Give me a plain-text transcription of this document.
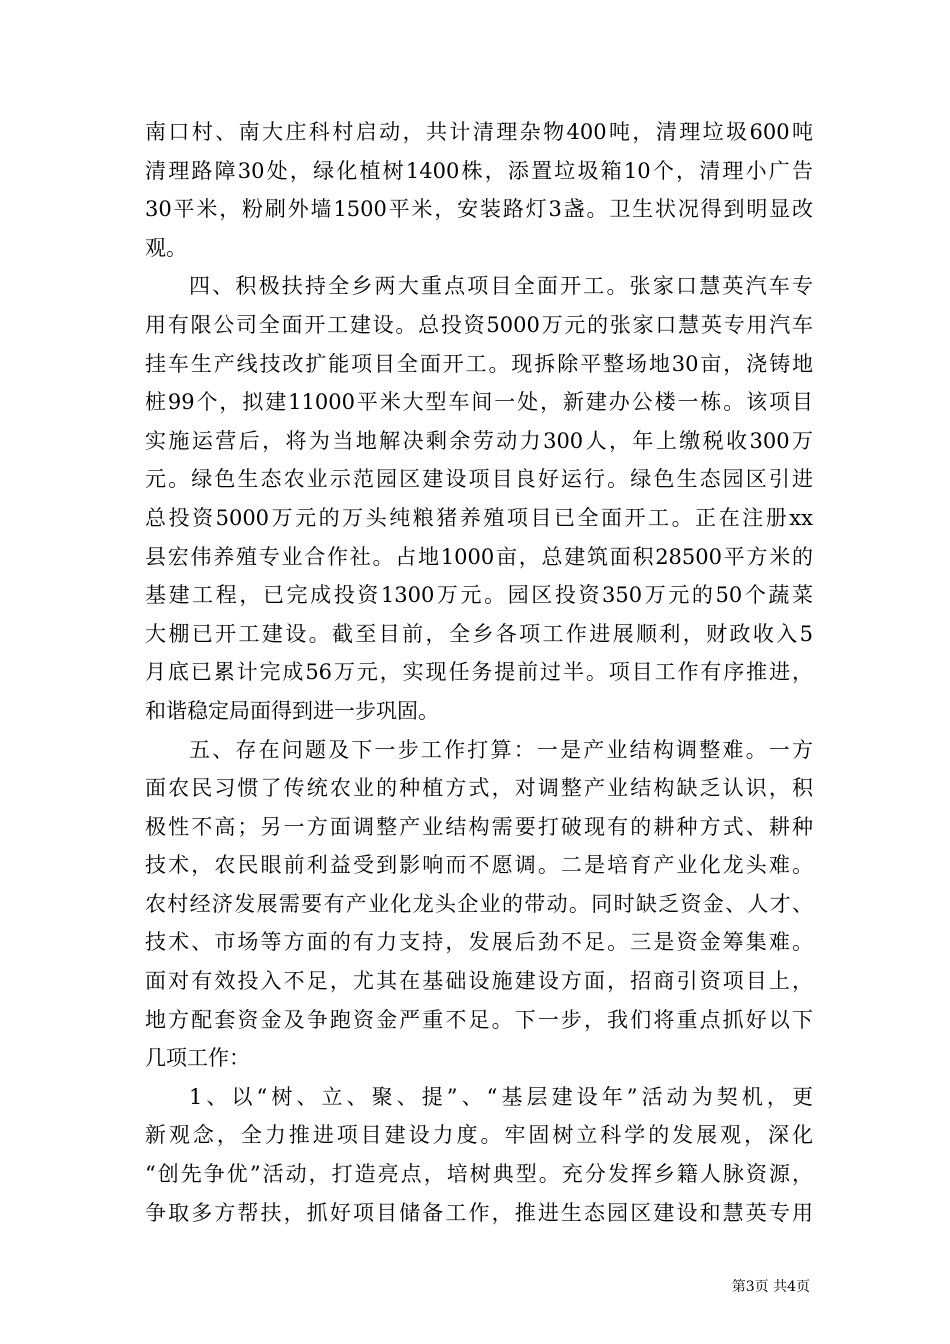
南口村、南大庄科村启动，共计清理杂物400吨，清理垃圾600吨
清理路障30处，绿化植树1400株，添置垃圾箱10个，清理小广告
30平米，粉刷外墙1500平米，安装路灯3盏。卫生状况得到明显改
观。
四、积极扶持全乡两大重点项目全面开工。张家口慧英汽车专
用有限公司全面开工建设。总投资5000万元的张家口慧英专用汽车
挂车生产线技改扩能项目全面开工。现拆除平整场地30亩，浇铸地
桩99个，拟建11000平米大型车间一处，新建办公楼一栋。该项目
实施运营后，将为当地解决剩余劳动力300人，年上缴税收300万
元。绿色生态农业示范园区建设项目良好运行。绿色生态园区引进
总投资5000万元的万头纯粮猪养殖项目已全面开工。正在注册xx
县宏伟养殖专业合作社。占地1000亩，总建筑面积28500平方米的
基建工程，已完成投资1300万元。园区投资350万元的50个蔬菜
大棚已开工建设。截至目前，全乡各项工作进展顺利，财政收入5
月底已累计完成56万元，实现任务提前过半。项目工作有序推进，
和谐稳定局面得到进一步巩固。
五、存在问题及下一步工作打算：一是产业结构调整难。一方
面农民习惯了传统农业的种植方式，对调整产业结构缺乏认识，积
极性不高；另一方面调整产业结构需要打破现有的耕种方式、耕种
技术，农民眼前利益受到影响而不愿调。二是培育产业化龙头难。
农村经济发展需要有产业化龙头企业的带动。同时缺乏资金、人才、
技术、市场等方面的有力支持，发展后劲不足。三是资金筹集难。
面对有效投入不足，尤其在基础设施建设方面，招商引资项目上，
地方配套资金及争跑资金严重不足。下一步，我们将重点抓好以下
几项工作：
1、以“树、立、聚、提”、“基层建设年”活动为契机，更
新观念，全力推进项目建设力度。牢固树立科学的发展观，深化
“创先争优”活动，打造亮点，培树典型。充分发挥乡籍人脉资源，
争取多方帮扶，抓好项目储备工作，推进生态园区建设和慧英专用
第3页 共4页
